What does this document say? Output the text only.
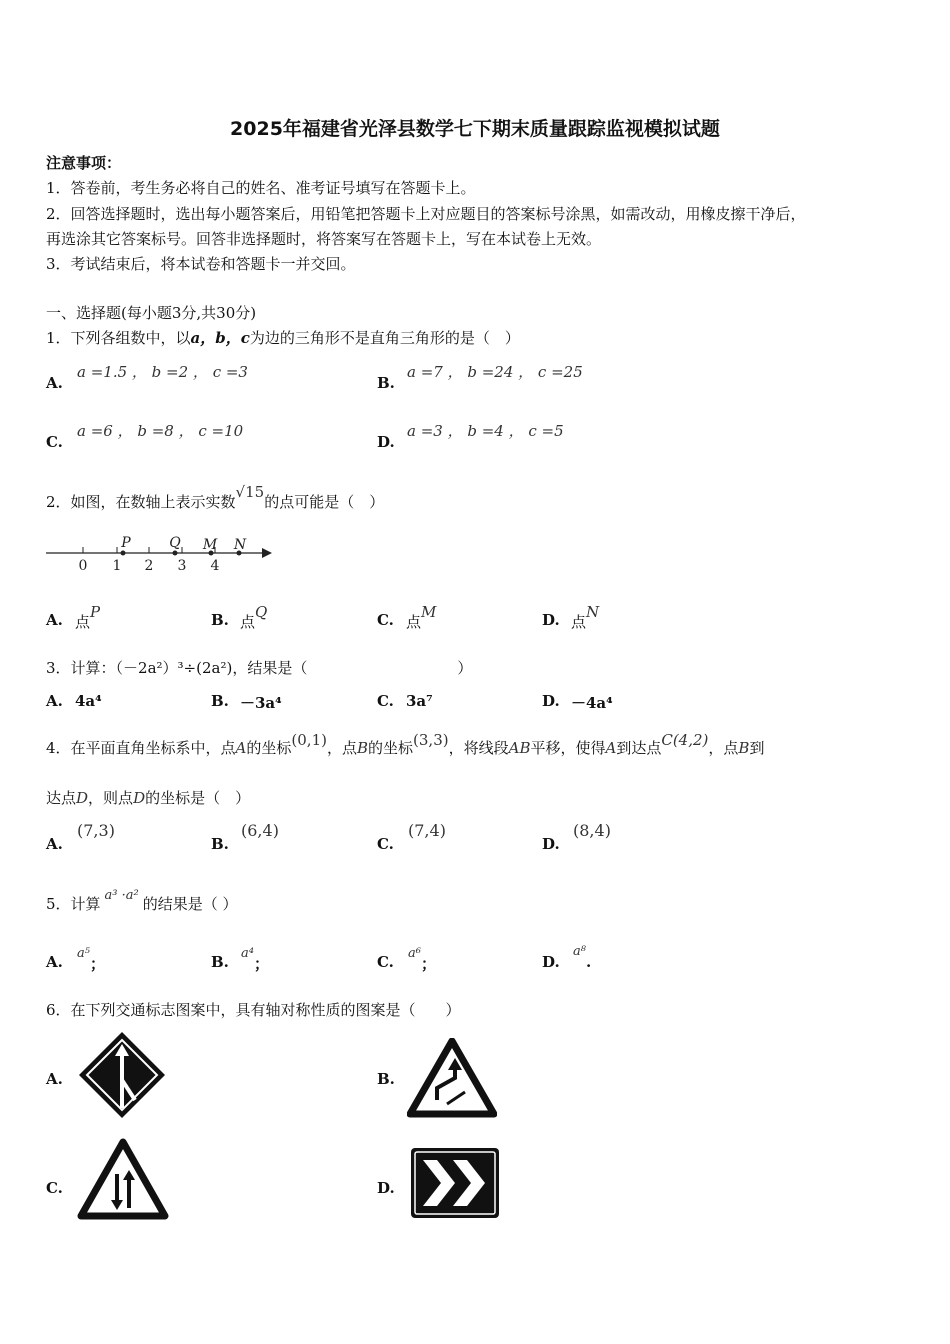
2025年福建省光泽县数学七下期末质量跟踪监视模拟试题
注意事项：
1．答卷前，考生务必将自己的姓名、准考证号填写在答题卡上。
2．回答选择题时，选出每小题答案后，用铅笔把答题卡上对应题目的答案标号涂黑，如需改动，用橡皮擦干净后，
再选涂其它答案标号。回答非选择题时，将答案写在答题卡上，写在本试卷上无效。
3．考试结束后，将本试卷和答题卡一并交回。
一、选择题(每小题3分,共30分)
1．下列各组数中，以a，b，c为边的三角形不是直角三角形的是（　）
A.
a =1.5 ， b =2 ， c =3
B.
a =7 ， b =24 ， c =25
C.
a =6 ， b =8 ， c =10
D.
a =3 ， b =4 ， c =5
2．如图，在数轴上表示实数√15的点可能是（　）
0 1 2 3 4
P	Q M N
A. 点P	B. 点Q	C. 点M	D. 点N
3．计算：（－2a²）³÷(2a²)，结果是（　　　　　　　　　　）
A. 4a⁴	B. －3a⁴	C. 3a⁷	D. －4a⁴
4．在平面直角坐标系中，点A的坐标(0,1)，点B的坐标(3,3)，将线段AB平移，使得A到达点C(4,2)，点B到
达点D，则点D的坐标是（　）
A.
(7,3)
B.
(6,4)
C.
(7,4)
D.
(8,4)
5．计算 a³ ·a² 的结果是（ ）
A. a⁵；	B. a⁴；	C. a⁶；	D.
a⁸.
6．在下列交通标志图案中，具有轴对称性质的图案是（　　）
A.	B.
C.	D.
